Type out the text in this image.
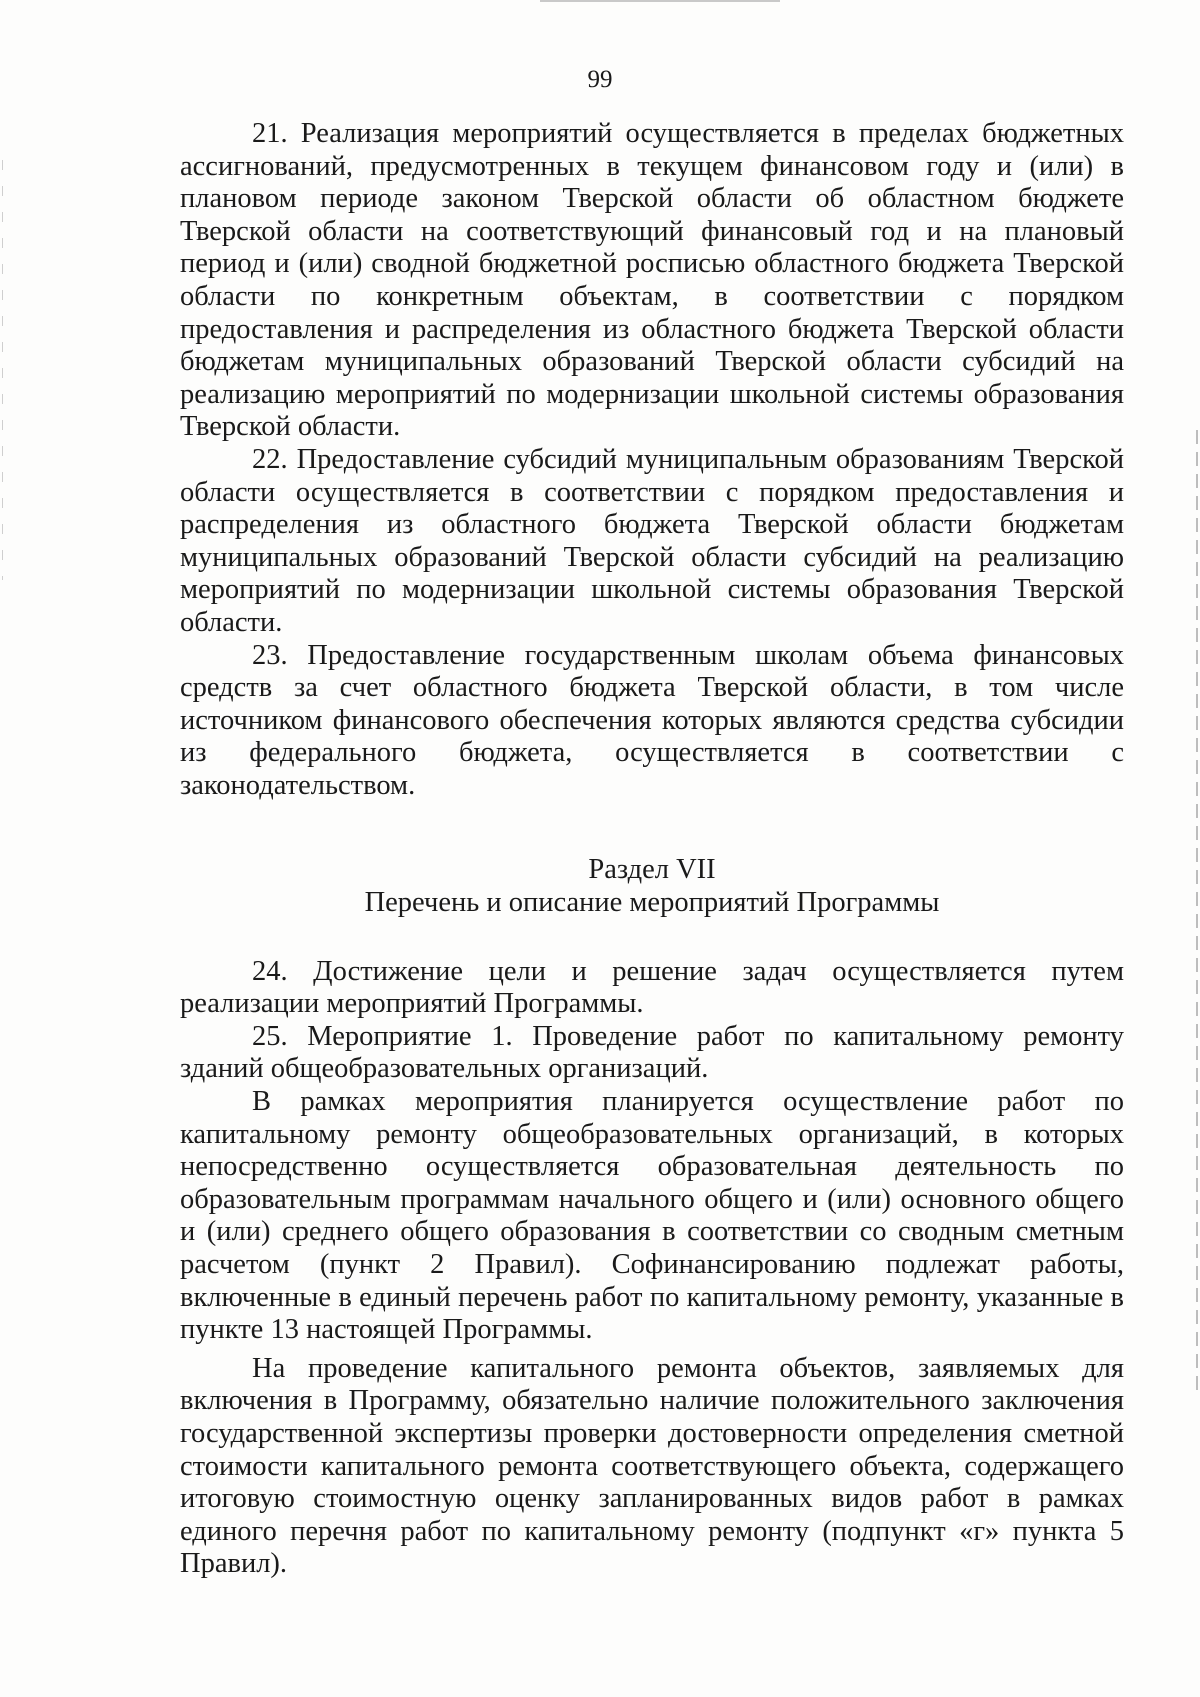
99

21. Реализация мероприятий осуществляется в пределах бюджетных ассигнований, предусмотренных в текущем финансовом году и (или) в плановом периоде законом Тверской области об областном бюджете Тверской области на соответствующий финансовый год и на плановый период и (или) сводной бюджетной росписью областного бюджета Тверской области по конкретным объектам, в соответствии с порядком предоставления и распределения из областного бюджета Тверской области бюджетам муниципальных образований Тверской области субсидий на реализацию мероприятий по модернизации школьной системы образования Тверской области.

22. Предоставление субсидий муниципальным образованиям Тверской области осуществляется в соответствии с порядком предоставления и распределения из областного бюджета Тверской области бюджетам муниципальных образований Тверской области субсидий на реализацию мероприятий по модернизации школьной системы образования Тверской области.

23. Предоставление государственным школам объема финансовых средств за счет областного бюджета Тверской области, в том числе источником финансового обеспечения которых являются средства субсидии из федерального бюджета, осуществляется в соответствии с законодательством.

Раздел VII
Перечень и описание мероприятий Программы

24. Достижение цели и решение задач осуществляется путем реализации мероприятий Программы.

25. Мероприятие 1. Проведение работ по капитальному ремонту зданий общеобразовательных организаций.

В рамках мероприятия планируется осуществление работ по капитальному ремонту общеобразовательных организаций, в которых непосредственно осуществляется образовательная деятельность по образовательным программам начального общего и (или) основного общего и (или) среднего общего образования в соответствии со сводным сметным расчетом (пункт 2 Правил). Софинансированию подлежат работы, включенные в единый перечень работ по капитальному ремонту, указанные в пункте 13 настоящей Программы.

На проведение капитального ремонта объектов, заявляемых для включения в Программу, обязательно наличие положительного заключения государственной экспертизы проверки достоверности определения сметной стоимости капитального ремонта соответствующего объекта, содержащего итоговую стоимостную оценку запланированных видов работ в рамках единого перечня работ по капитальному ремонту (подпункт «г» пункта 5 Правил).
